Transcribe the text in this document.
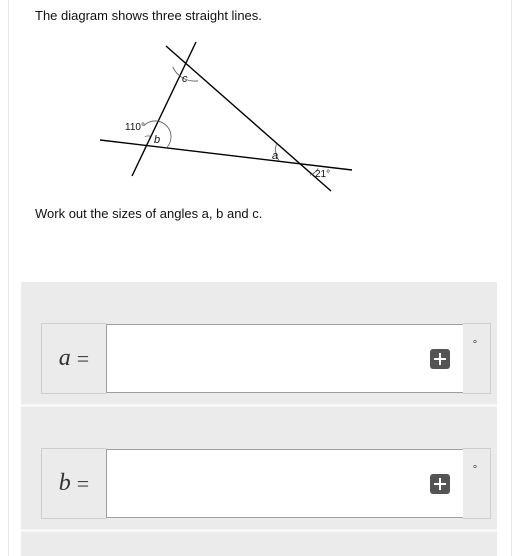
The diagram shows three straight lines.
c
110°
b
a
21°
Work out the sizes of angles a, b and c.
a =
°
b =
°
